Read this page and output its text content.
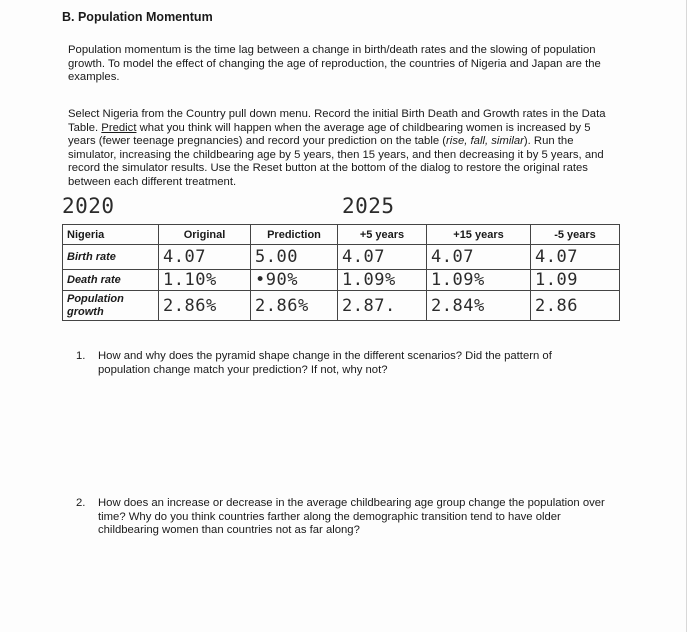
B. Population Momentum
Population momentum is the time lag between a change in birth/death rates and the slowing of population growth. To model the effect of changing the age of reproduction, the countries of Nigeria and Japan are the examples.
Select Nigeria from the Country pull down menu. Record the initial Birth Death and Growth rates in the Data Table. Predict what you think will happen when the average age of childbearing women is increased by 5 years (fewer teenage pregnancies) and record your prediction on the table (rise, fall, similar). Run the simulator, increasing the childbearing age by 5 years, then 15 years, and then decreasing it by 5 years, and record the simulator results. Use the Reset button at the bottom of the dialog to restore the original rates between each different treatment.
2020	2025
Nigeria	Original	Prediction	+5 years	+15 years	-5 years
Birth rate	4.07	5.00	4.07	4.07	4.07
Death rate	1.10%	•90%	1.09%	1.09%	1.09
Population growth	2.86%	2.86%	2.87.	2.84%	2.86
1. How and why does the pyramid shape change in the different scenarios? Did the pattern of population change match your prediction? If not, why not?
2. How does an increase or decrease in the average childbearing age group change the population over time? Why do you think countries farther along the demographic transition tend to have older childbearing women than countries not as far along?
